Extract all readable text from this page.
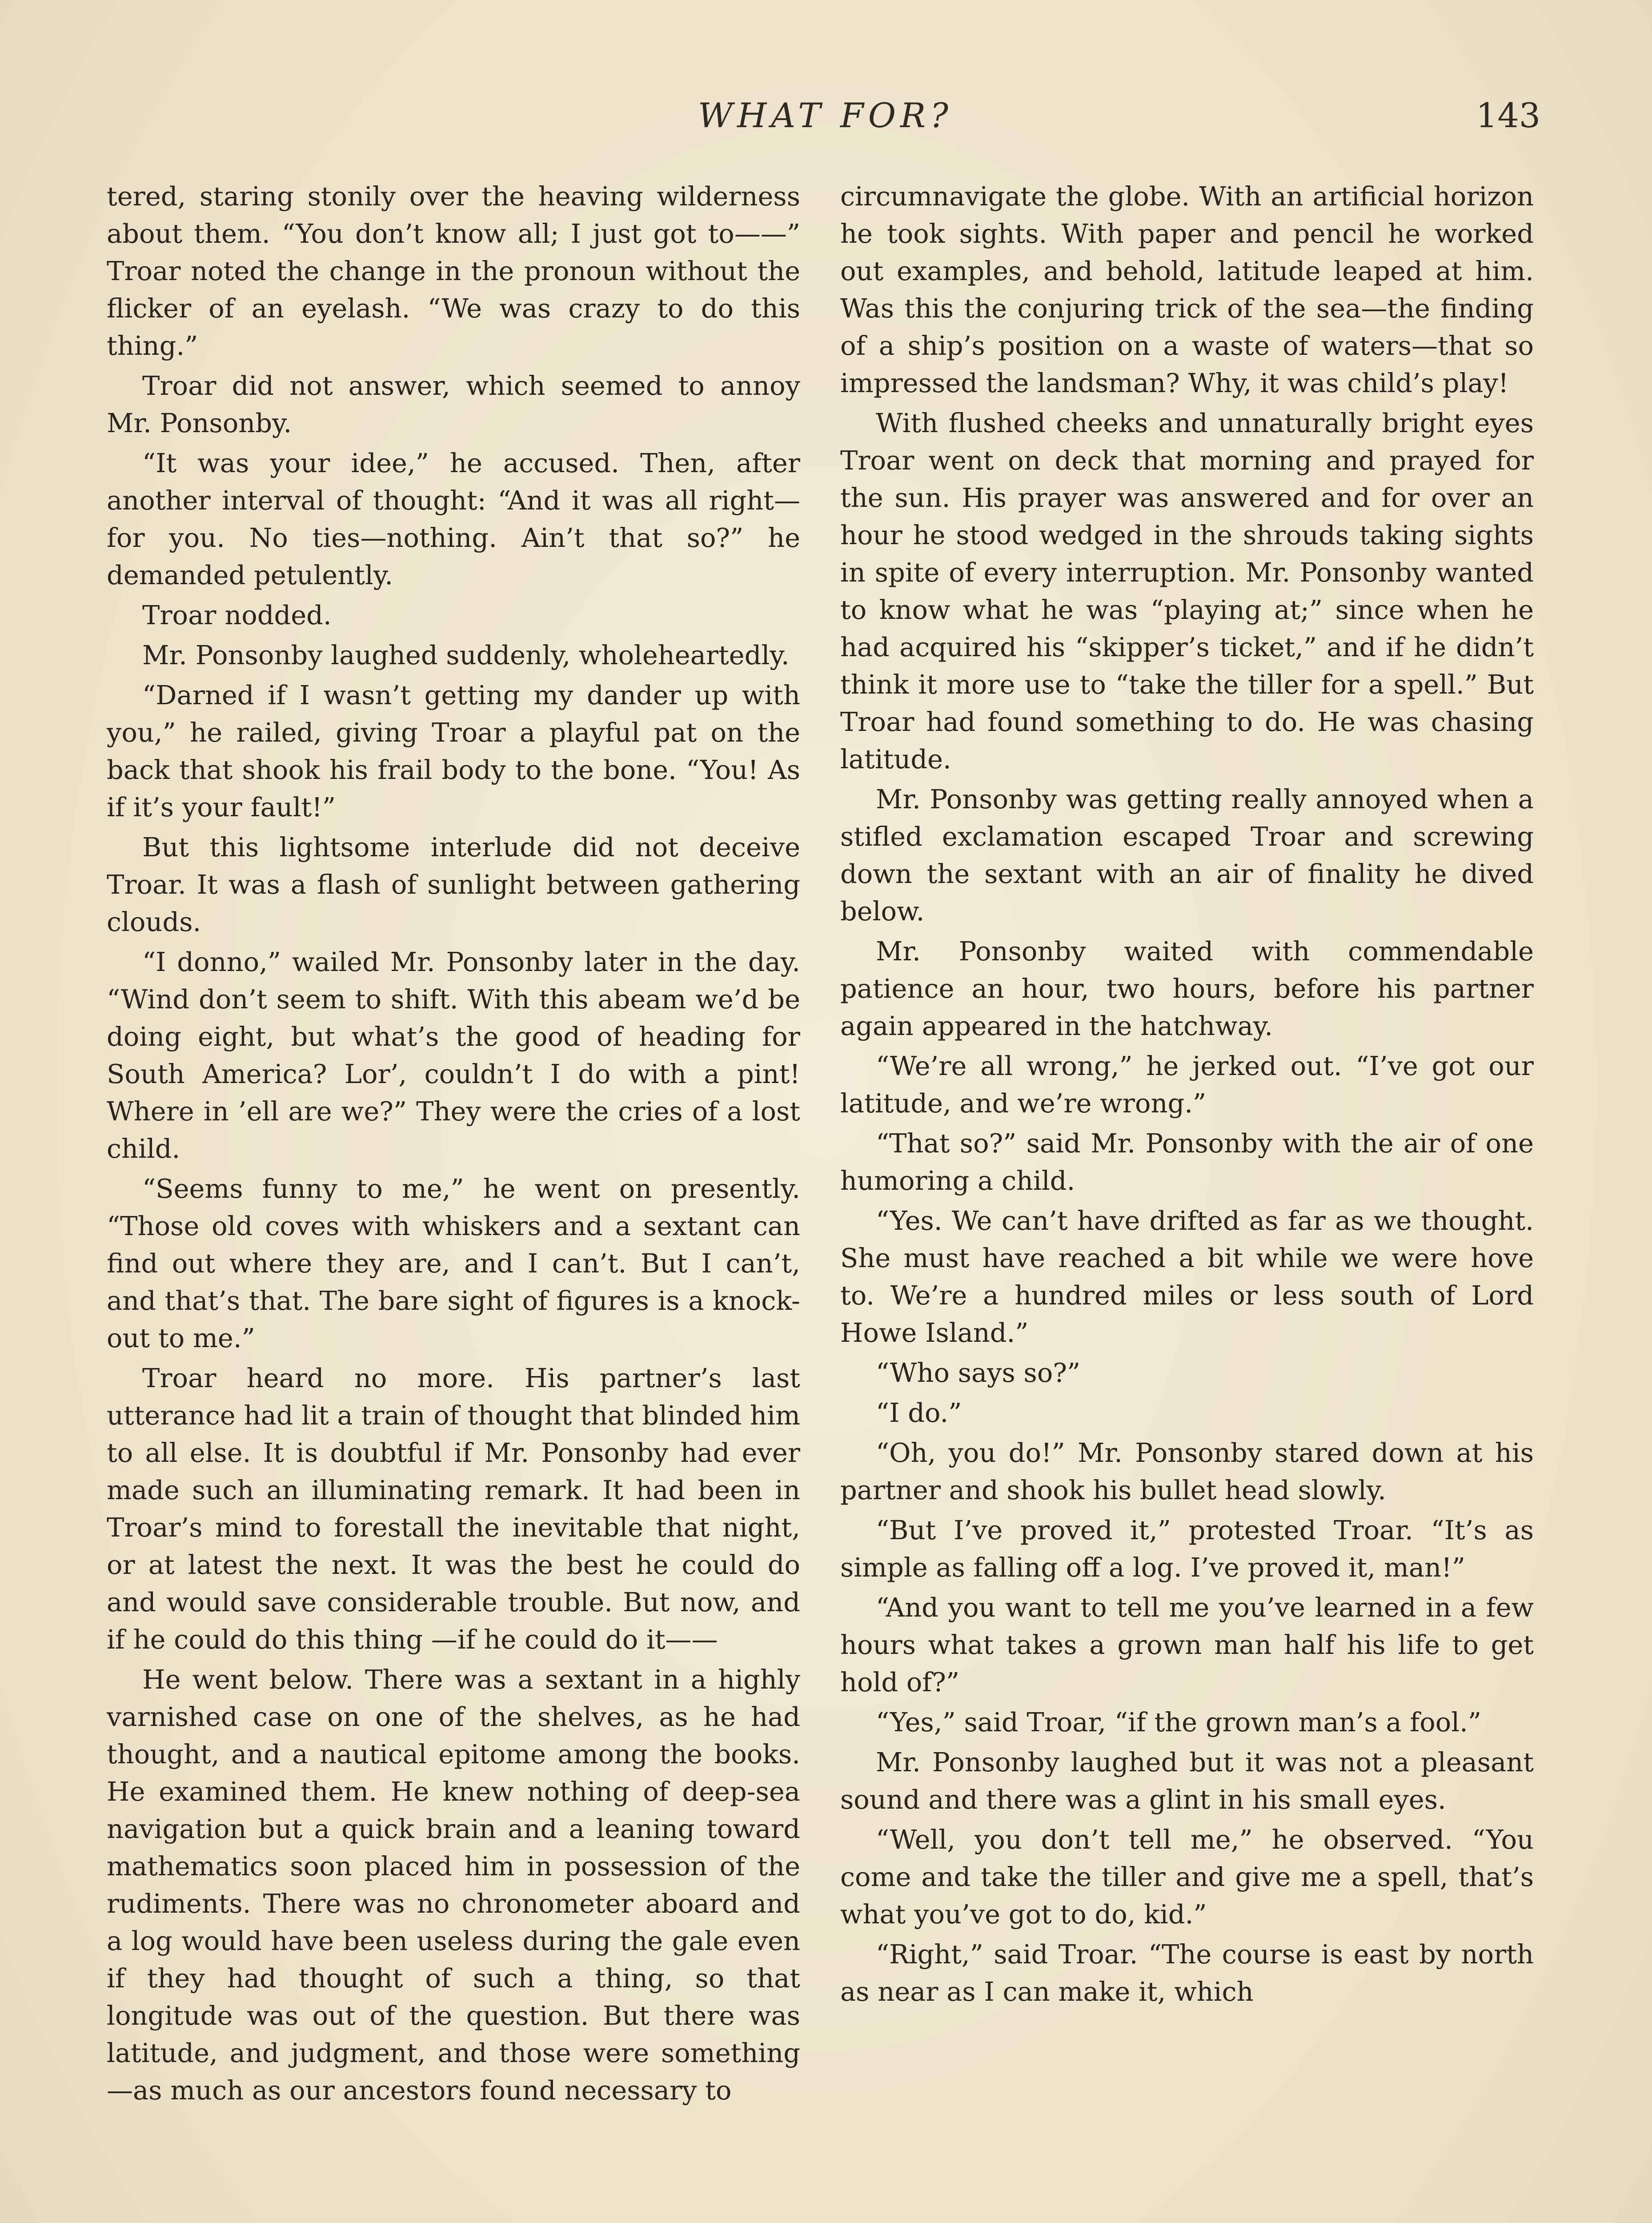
WHAT FOR?	143

tered, staring stonily over the heaving wilderness about them. “You don’t know all; I just got to——” Troar noted the change in the pronoun without the flicker of an eyelash. “We was crazy to do this thing.”

Troar did not answer, which seemed to annoy Mr. Ponsonby.

“It was your idee,” he accused. Then, after another interval of thought: “And it was all right—for you. No ties—nothing. Ain’t that so?” he demanded petulently.

Troar nodded.

Mr. Ponsonby laughed suddenly, wholeheartedly.

“Darned if I wasn’t getting my dander up with you,” he railed, giving Troar a playful pat on the back that shook his frail body to the bone. “You! As if it’s your fault!”

But this lightsome interlude did not deceive Troar. It was a flash of sunlight between gathering clouds.

“I donno,” wailed Mr. Ponsonby later in the day. “Wind don’t seem to shift. With this abeam we’d be doing eight, but what’s the good of heading for South America? Lor’, couldn’t I do with a pint! Where in ’ell are we?” They were the cries of a lost child.

“Seems funny to me,” he went on presently. “Those old coves with whiskers and a sextant can find out where they are, and I can’t. But I can’t, and that’s that. The bare sight of figures is a knock-out to me.”

Troar heard no more. His partner’s last utterance had lit a train of thought that blinded him to all else. It is doubtful if Mr. Ponsonby had ever made such an illuminating remark. It had been in Troar’s mind to forestall the inevitable that night, or at latest the next. It was the best he could do and would save considerable trouble. But now, and if he could do this thing —if he could do it——

He went below. There was a sextant in a highly varnished case on one of the shelves, as he had thought, and a nautical epitome among the books. He examined them. He knew nothing of deep-sea navigation but a quick brain and a leaning toward mathematics soon placed him in possession of the rudiments. There was no chronometer aboard and a log would have been useless during the gale even if they had thought of such a thing, so that longitude was out of the question. But there was latitude, and judgment, and those were something—as much as our ancestors found necessary to

circumnavigate the globe. With an artificial horizon he took sights. With paper and pencil he worked out examples, and behold, latitude leaped at him. Was this the conjuring trick of the sea—the finding of a ship’s position on a waste of waters—that so impressed the landsman? Why, it was child’s play!

With flushed cheeks and unnaturally bright eyes Troar went on deck that morning and prayed for the sun. His prayer was answered and for over an hour he stood wedged in the shrouds taking sights in spite of every interruption. Mr. Ponsonby wanted to know what he was “playing at;” since when he had acquired his “skipper’s ticket,” and if he didn’t think it more use to “take the tiller for a spell.” But Troar had found something to do. He was chasing latitude.

Mr. Ponsonby was getting really annoyed when a stifled exclamation escaped Troar and screwing down the sextant with an air of finality he dived below.

Mr. Ponsonby waited with commendable patience an hour, two hours, before his partner again appeared in the hatchway.

“We’re all wrong,” he jerked out. “I’ve got our latitude, and we’re wrong.”

“That so?” said Mr. Ponsonby with the air of one humoring a child.

“Yes. We can’t have drifted as far as we thought. She must have reached a bit while we were hove to. We’re a hundred miles or less south of Lord Howe Island.”

“Who says so?”

“I do.”

“Oh, you do!” Mr. Ponsonby stared down at his partner and shook his bullet head slowly.

“But I’ve proved it,” protested Troar. “It’s as simple as falling off a log. I’ve proved it, man!”

“And you want to tell me you’ve learned in a few hours what takes a grown man half his life to get hold of?”

“Yes,” said Troar, “if the grown man’s a fool.”

Mr. Ponsonby laughed but it was not a pleasant sound and there was a glint in his small eyes.

“Well, you don’t tell me,” he observed. “You come and take the tiller and give me a spell, that’s what you’ve got to do, kid.”

“Right,” said Troar. “The course is east by north as near as I can make it, which
